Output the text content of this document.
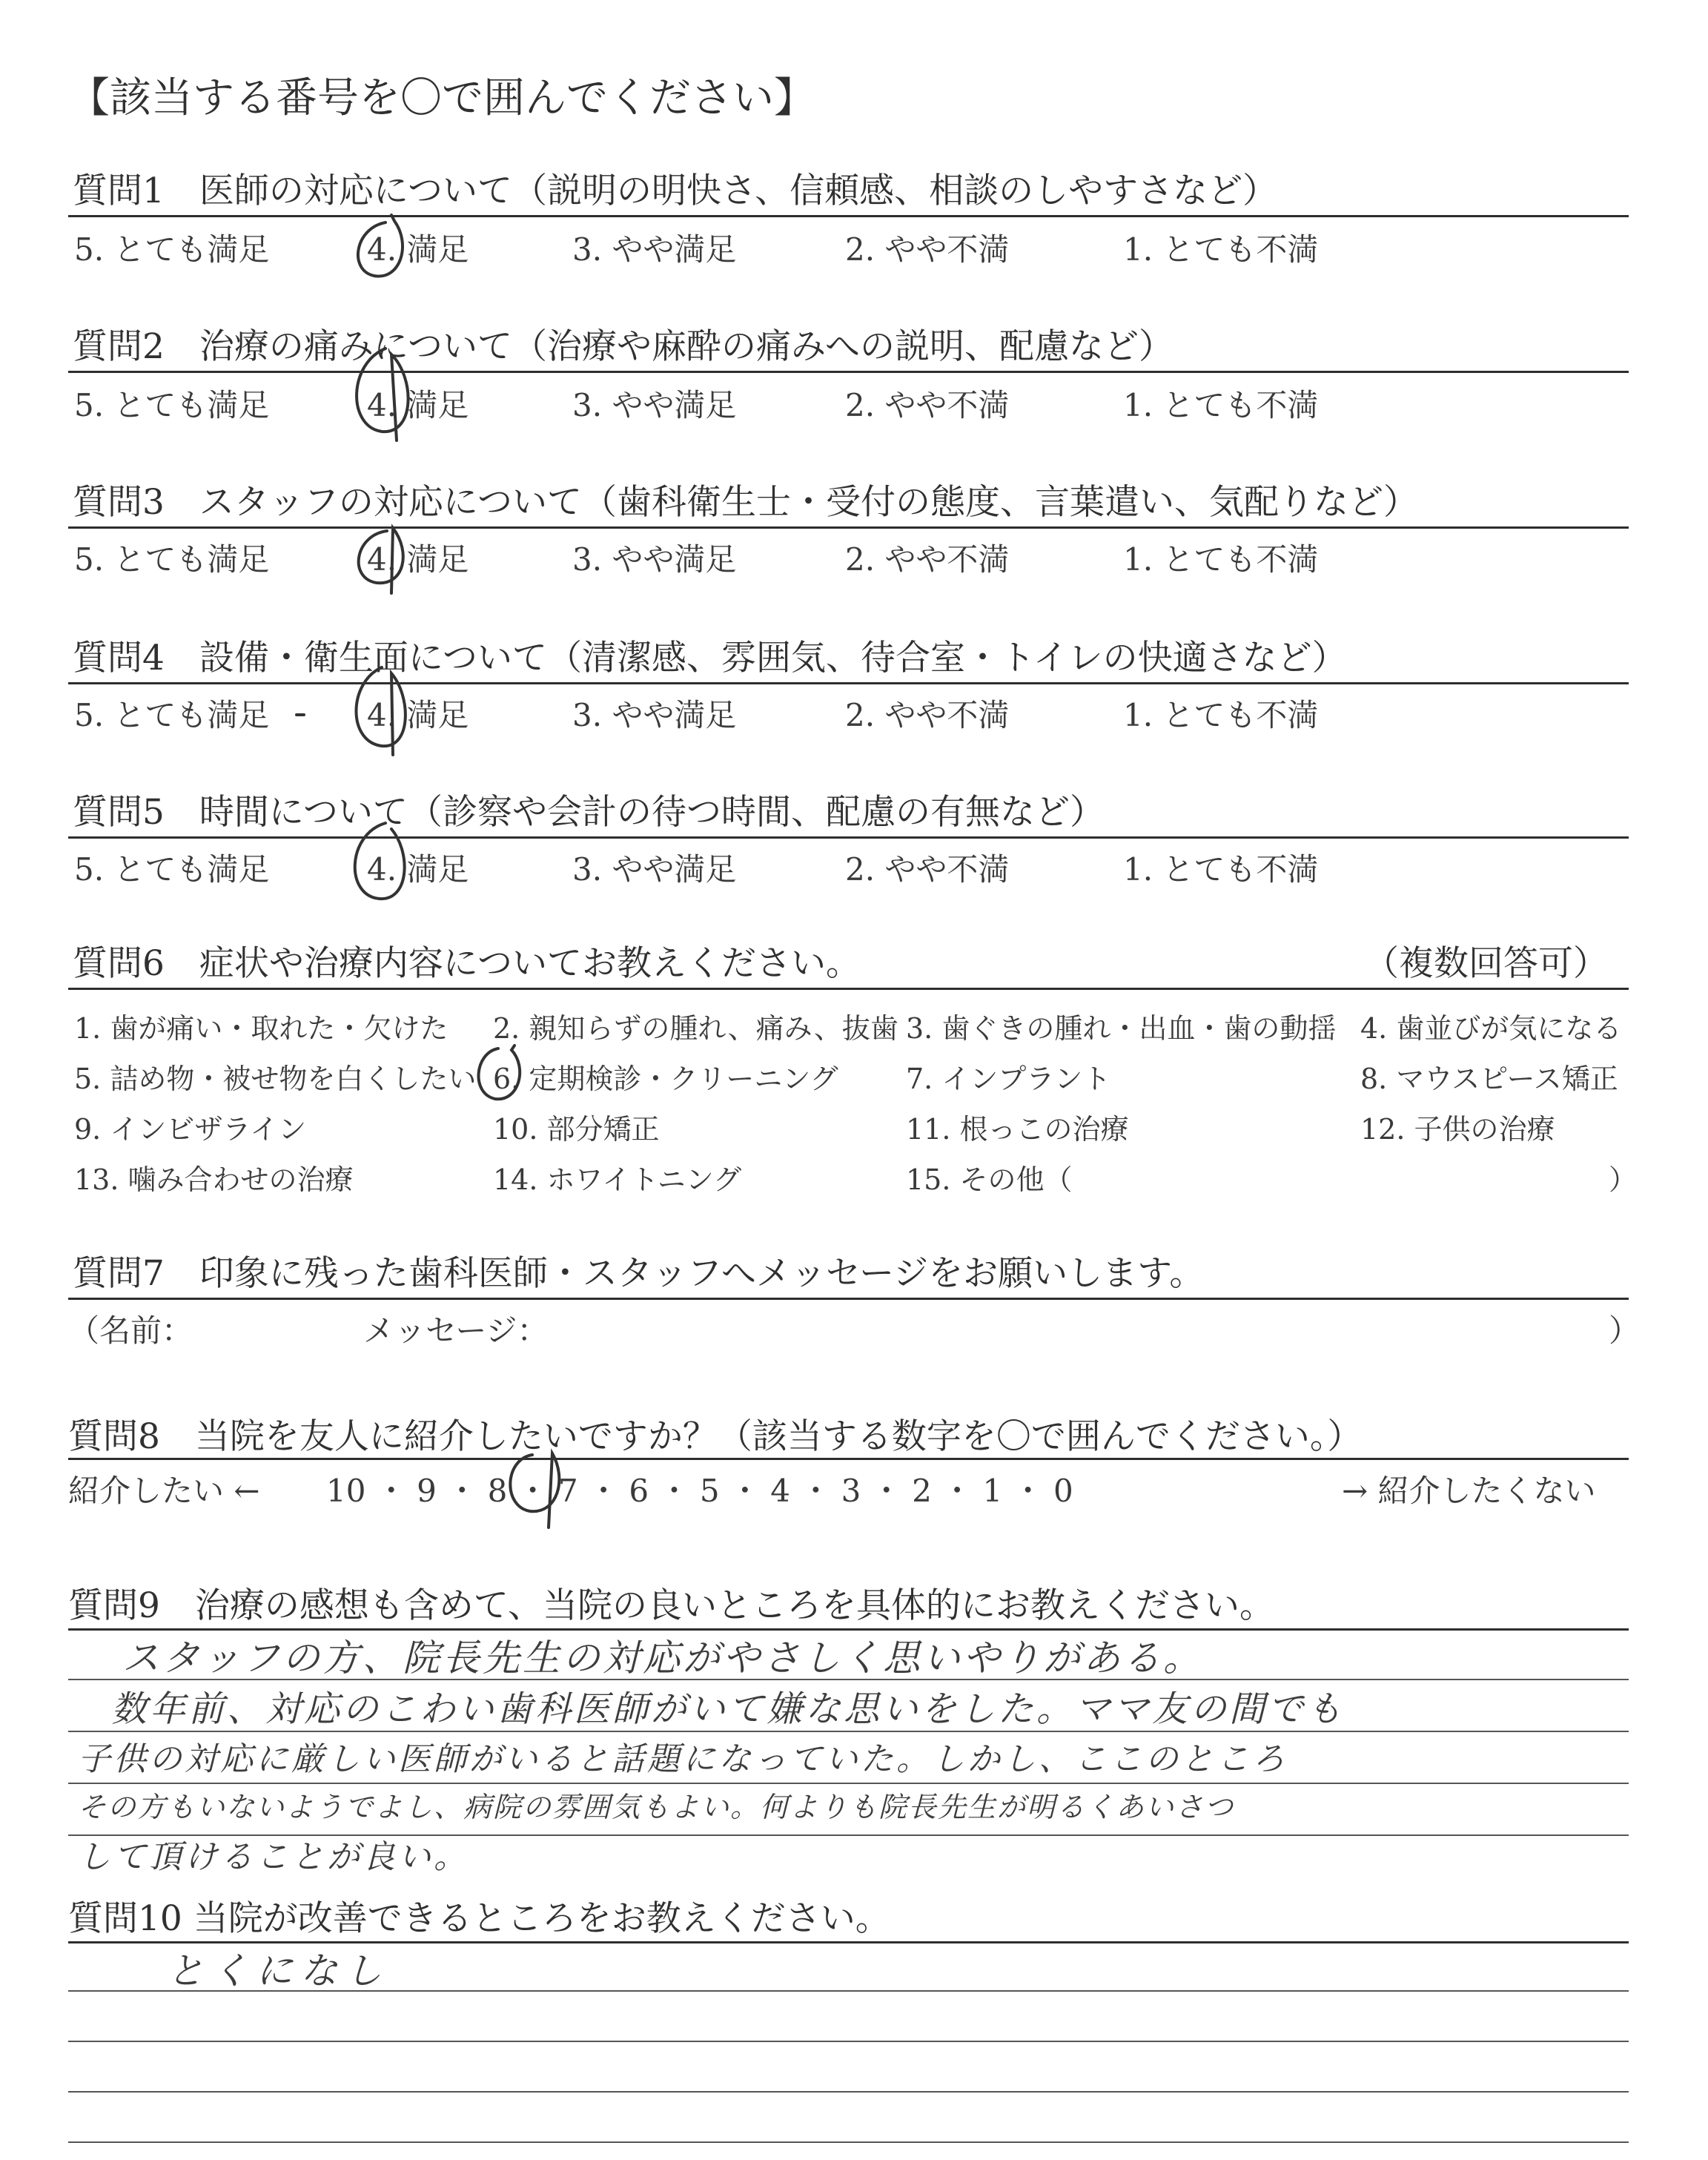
【該当する番号を〇で囲んでください】
質問1　医師の対応について（説明の明快さ、信頼感、相談のしやすさなど）
5. とても満足	4. 満足	3. やや満足	2. やや不満	1. とても不満
質問2　治療の痛みについて（治療や麻酔の痛みへの説明、配慮など）
5. とても満足	4. 満足	3. やや満足	2. やや不満	1. とても不満
質問3　スタッフの対応について（歯科衛生士・受付の態度、言葉遣い、気配りなど）
5. とても満足	4. 満足	3. やや満足	2. やや不満	1. とても不満
質問4　設備・衛生面について（清潔感、雰囲気、待合室・トイレの快適さなど）
5. とても満足	4. 満足	3. やや満足	2. やや不満	1. とても不満
質問5　時間について（診察や会計の待つ時間、配慮の有無など）
5. とても満足	4. 満足	3. やや満足	2. やや不満	1. とても不満
質問6　症状や治療内容についてお教えください。	（複数回答可）
1. 歯が痛い・取れた・欠けた 2. 親知らずの腫れ、痛み、抜歯 3. 歯ぐきの腫れ・出血・歯の動揺 4. 歯並びが気になる
5. 詰め物・被せ物を白くしたい 6. 定期検診・クリーニング 7. インプラント	8. マウスピース矯正
9. インビザライン	10. 部分矯正	11. 根っこの治療	12. 子供の治療
13. 噛み合わせの治療	14. ホワイトニング	15. その他（	）
質問7　印象に残った歯科医師・スタッフへメッセージをお願いします。
（名前：	メッセージ：	）
質問8　当院を友人に紹介したいですか？（該当する数字を〇で囲んでください。）
紹介したい ← 10 ・ 9 ・ 8 ・ 7 ・ 6 ・ 5 ・ 4 ・ 3 ・ 2 ・ 1 ・ 0	→ 紹介したくない
質問9　治療の感想も含めて、当院の良いところを具体的にお教えください。
スタッフの方、院長先生の対応がやさしく思いやりがある。
数年前、対応のこわい歯科医師がいて嫌な思いをした。ママ友の間でも
子供の対応に厳しい医師がいると話題になっていた。しかし、ここのところ
その方もいないようでよし、病院の雰囲気もよい。何よりも院長先生が明るくあいさつ
して頂けることが良い。
質問10 当院が改善できるところをお教えください。
とくになし
